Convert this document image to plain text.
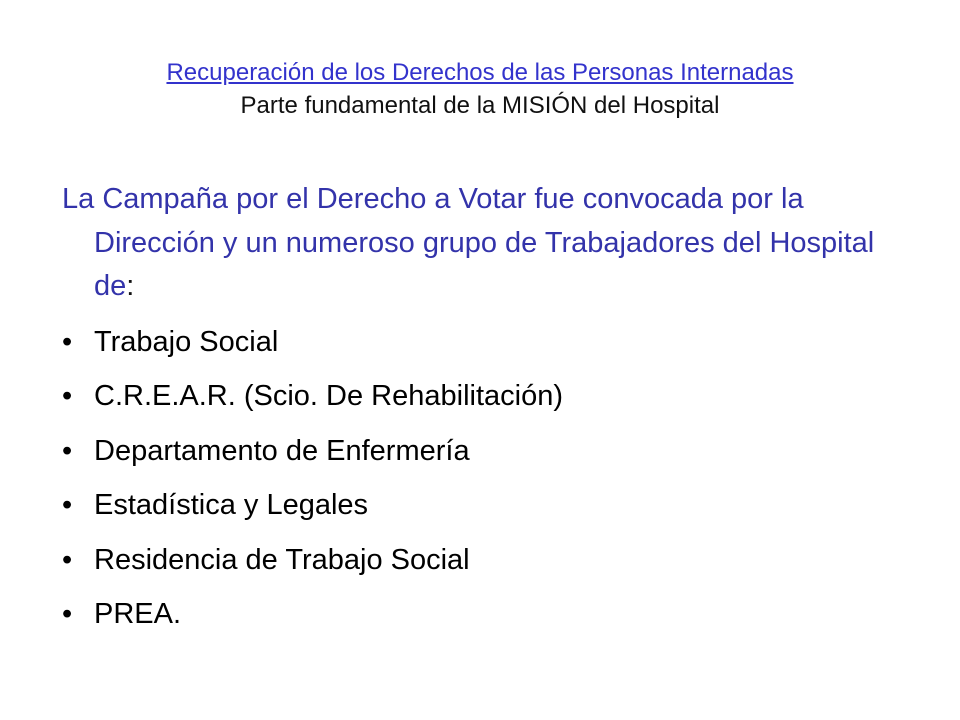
Recuperación de los Derechos de las Personas Internadas
Parte fundamental de la MISIÓN del Hospital

La Campaña por el Derecho a Votar fue convocada por la Dirección y un numeroso grupo de Trabajadores del Hospital de:

• Trabajo Social
• C.R.E.A.R. (Scio. De Rehabilitación)
• Departamento de Enfermería
• Estadística y Legales
• Residencia de Trabajo Social
• PREA.
